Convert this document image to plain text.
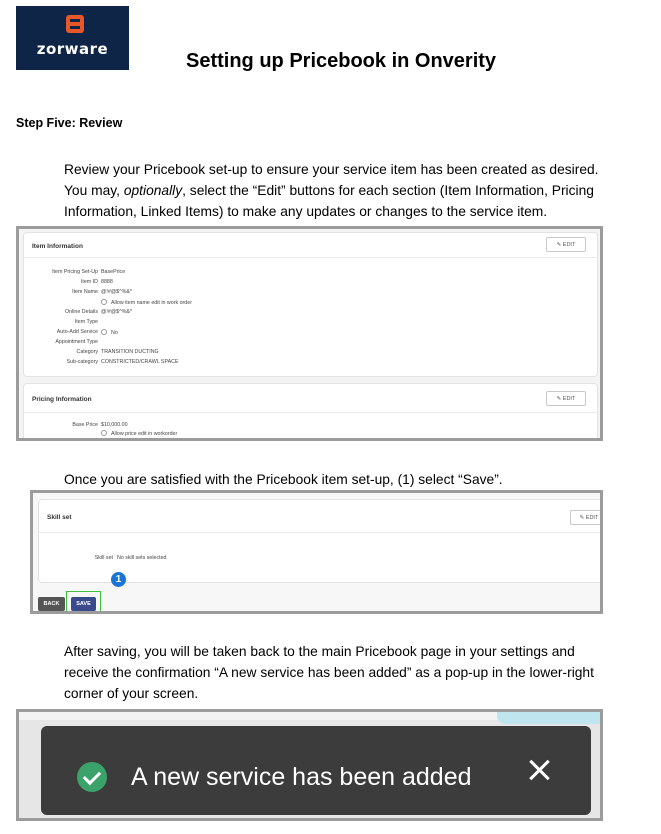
zorware
Setting up Pricebook in Onverity
Step Five: Review
Review your Pricebook set-up to ensure your service item has been created as desired.
You may, optionally, select the “Edit” buttons for each section (Item Information, Pricing
Information, Linked Items) to make any updates or changes to the service item.
Item Information	✎ EDIT
Item Pricing Set-Up BasePrice
Item ID 8888
Item Name @!#@$^%&*
Allow item name edit in work order
Online Details @!#@$^%&*
Item Type
Auto-Add Service	No
Appointment Type
Category TRANSITION DUCTING
Sub-category CONSTRICTED/CRAWL SPACE
Pricing Information	✎ EDIT
Base Price $10,000.00
Allow price edit in workorder
Once you are satisfied with the Pricebook item set-up, (1) select “Save”.
Skill set	✎ EDIT
Skill set No skill sets selected
BACK	SAVE
1
After saving, you will be taken back to the main Pricebook page in your settings and
receive the confirmation “A new service has been added” as a pop-up in the lower-right
corner of your screen.
A new service has been added
